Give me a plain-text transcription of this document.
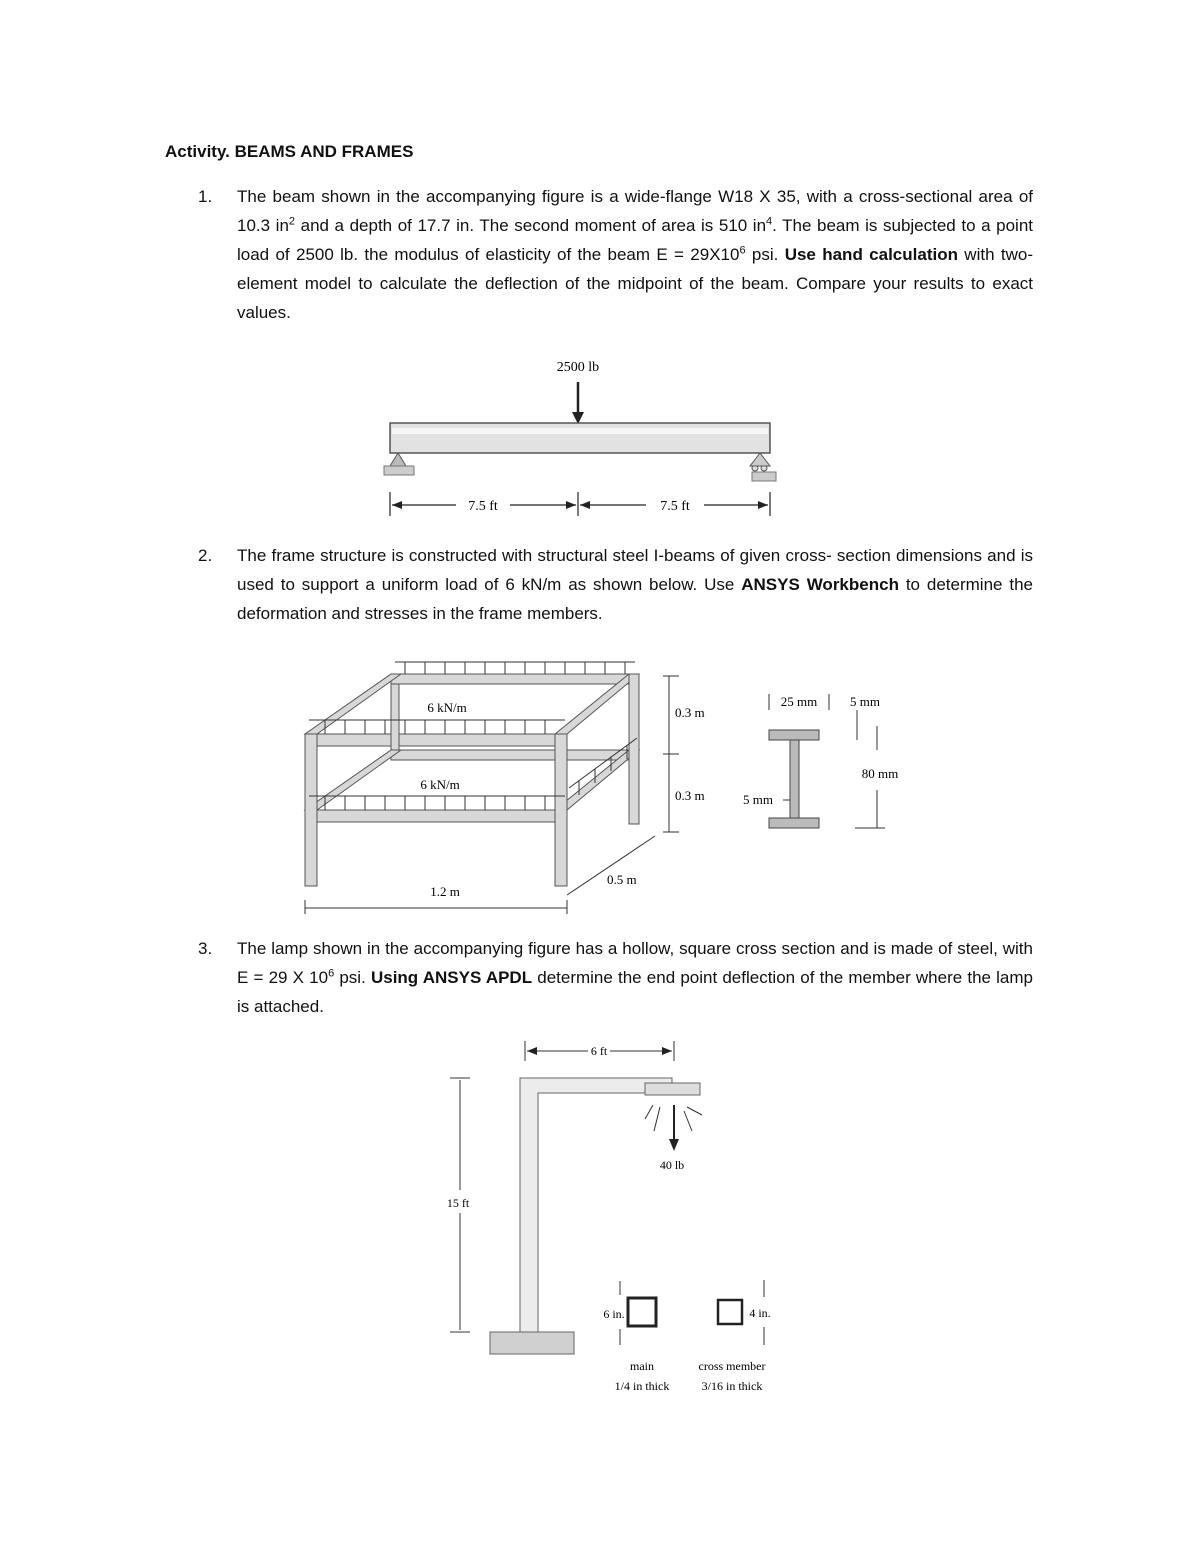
Activity. BEAMS AND FRAMES
1. The beam shown in the accompanying figure is a wide-flange W18 X 35, with a cross-sectional area of 10.3 $in^2$ and a depth of 17.7 in. The second moment of area is 510 $in^4$. The beam is subjected to a point load of 2500 lb. the modulus of elasticity of the beam $E = 29X10^6$ psi. Use hand calculation with two-element model to calculate the deflection of the midpoint of the beam. Compare your results to exact values.
2500 lb
7.5 ft	7.5 ft
2. The frame structure is constructed with structural steel I-beams of given cross- section dimensions and is used to support a uniform load of 6 kN/m as shown below. Use ANSYS Workbench to determine the deformation and stresses in the frame members.
6 kN/m
6 kN/m
0.3 m
0.3 m
0.5 m
1.2 m
25 mm	5 mm
80 mm
5 mm
3. The lamp shown in the accompanying figure has a hollow, square cross section and is made of steel, with E = 29 X $10^6$ psi. Using ANSYS APDL determine the end point deflection of the member where the lamp is attached.
6 ft
40 lb
15 ft
6 in.
main
1/4 in thick
4 in.
cross member
3/16 in thick
